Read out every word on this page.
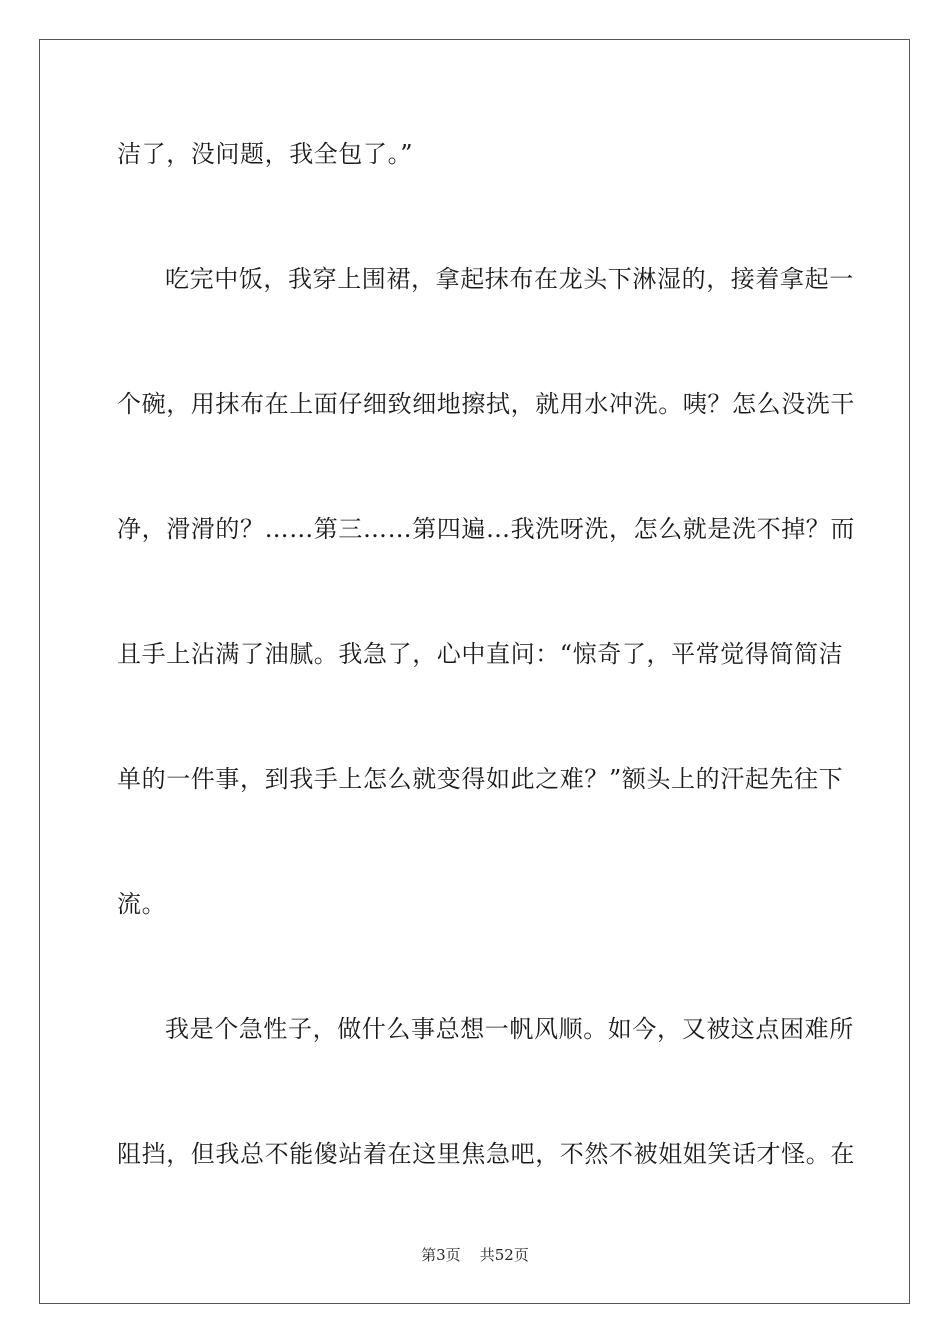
洁了，没问题，我全包了。”
吃完中饭，我穿上围裙，拿起抹布在龙头下淋湿的，接着拿起一
个碗，用抹布在上面仔细致细地擦拭，就用水冲洗。咦？怎么没洗干
净，滑滑的？……第三……第四遍…我洗呀洗，怎么就是洗不掉？而
且手上沾满了油腻。我急了，心中直问：“惊奇了，平常觉得简简洁
单的一件事，到我手上怎么就变得如此之难？”额头上的汗起先往下
流。
我是个急性子，做什么事总想一帆风顺。如今，又被这点困难所
阻挡，但我总不能傻站着在这里焦急吧，不然不被姐姐笑话才怪。在
第3页 共52页
